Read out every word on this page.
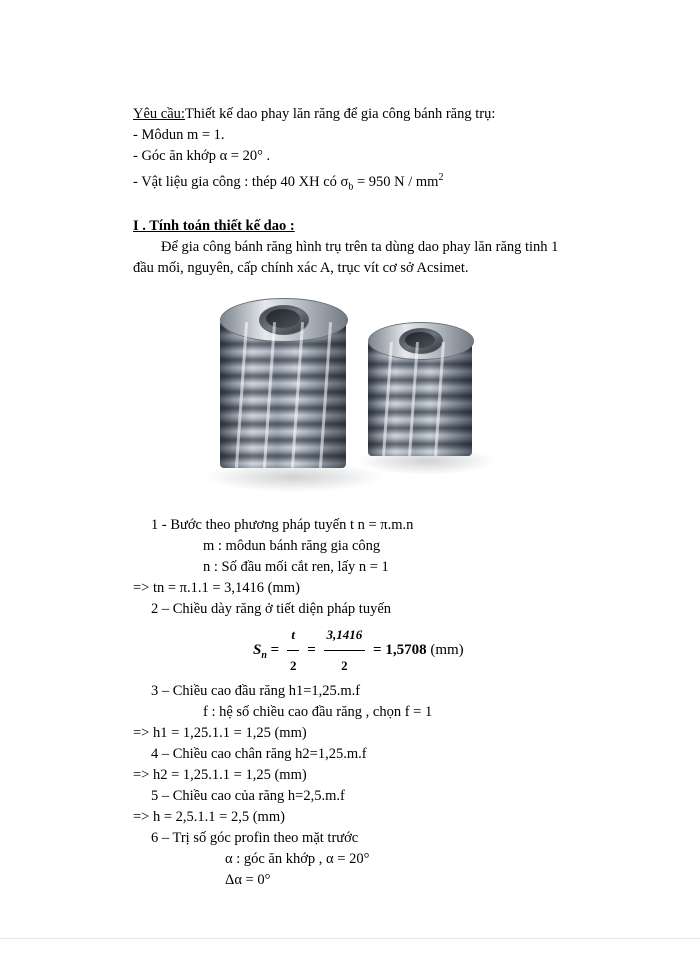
Yêu cầu:Thiết kế dao phay lăn răng để gia công bánh răng trụ:
- Môdun m = 1.
- Góc ăn khớp α = 20° .
- Vật liệu gia công : thép 40 XH có $\sigma_b = 950$ N / $mm^2$
I . Tính toán thiết kế dao :
Để gia công bánh răng hình trụ trên ta dùng dao phay lăn răng tinh 1
đầu mối, nguyên, cấp chính xác A, trục vít cơ sở Acsimet.
1 - Bước theo phương pháp tuyến t n = π.m.n
m : môdun bánh răng gia công
n : Số đầu mối cắt ren, lấy n = 1
=> tn = π.1.1 = 3,1416 (mm)
2 – Chiều dày răng ở tiết diện pháp tuyến
$S_n = \frac{t}{2} = \frac{3,1416}{2} = 1,5708$ (mm)
3 – Chiều cao đầu răng h1=1,25.m.f
f : hệ số chiều cao đầu răng , chọn f = 1
=> h1 = 1,25.1.1 = 1,25 (mm)
4 – Chiều cao chân răng h2=1,25.m.f
=> h2 = 1,25.1.1 = 1,25 (mm)
5 – Chiều cao của răng h=2,5.m.f
=> h = 2,5.1.1 = 2,5 (mm)
6 – Trị số góc profin theo mặt trước
α : góc ăn khớp , α = 20°
Δα = 0°
